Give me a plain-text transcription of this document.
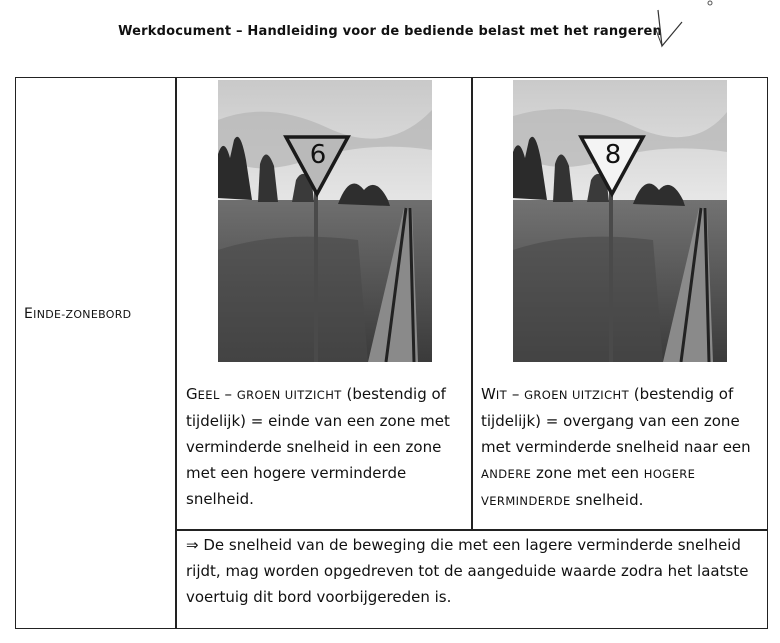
Werkdocument – Handleiding voor de bediende belast met het rangeren
EINDE-ZONEBORD
6	8
GEEL – GROEN UITZICHT (bestendig of tijdelijk) = einde van een zone met verminderde snelheid in een zone met een hogere verminderde snelheid.
WIT – GROEN UITZICHT (bestendig of tijdelijk) = overgang van een zone met verminderde snelheid naar een ANDERE zone met een HOGERE VERMINDERDE snelheid.
⇒ De snelheid van de beweging die met een lagere verminderde snelheid rijdt, mag worden opgedreven tot de aangeduide waarde zodra het laatste voertuig dit bord voorbijgereden is.
